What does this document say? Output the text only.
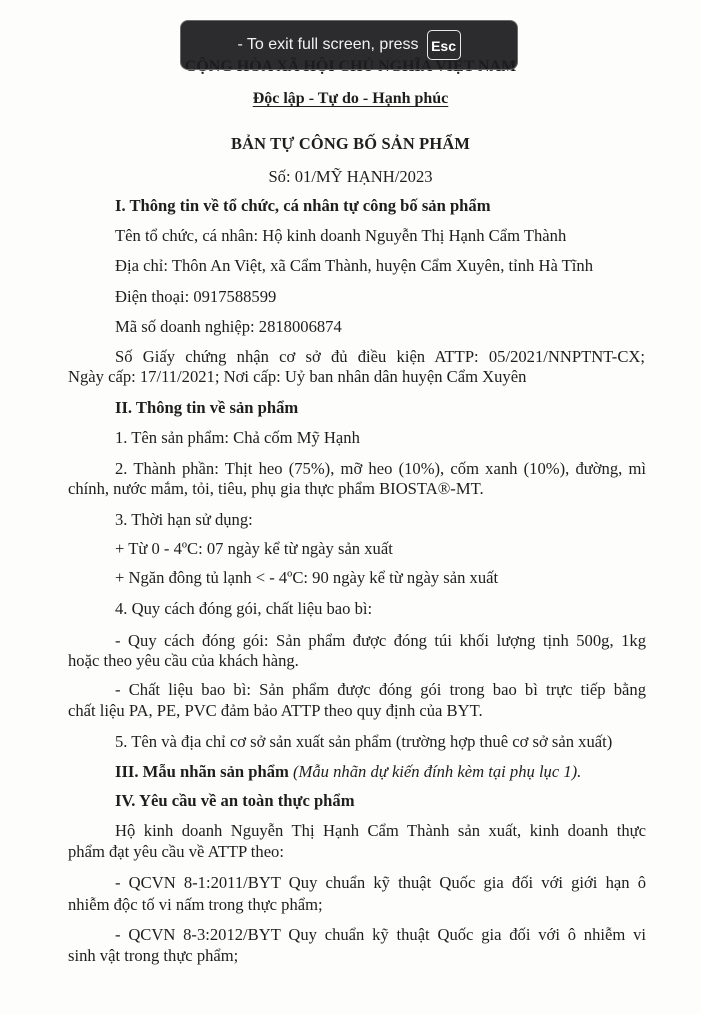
Độc lập - Tự do - Hạnh phúc
BẢN TỰ CÔNG BỐ SẢN PHẨM
Số: 01/MỸ HẠNH/2023
I. Thông tin về tổ chức, cá nhân tự công bố sản phẩm
Tên tổ chức, cá nhân: Hộ kinh doanh Nguyễn Thị Hạnh Cẩm Thành
Địa chỉ: Thôn An Việt, xã Cẩm Thành, huyện Cẩm Xuyên, tỉnh Hà Tĩnh
Điện thoại: 0917588599
Mã số doanh nghiệp: 2818006874
Số Giấy chứng nhận cơ sở đủ điều kiện ATTP: 05/2021/NNPTNT-CX;
Ngày cấp: 17/11/2021; Nơi cấp: Uỷ ban nhân dân huyện Cẩm Xuyên
II. Thông tin về sản phẩm
1. Tên sản phẩm: Chả cốm Mỹ Hạnh
2. Thành phần: Thịt heo (75%), mỡ heo (10%), cốm xanh (10%), đường, mì
chính, nước mắm, tỏi, tiêu, phụ gia thực phẩm BIOSTA®-MT.
3. Thời hạn sử dụng:
+ Từ 0 - 4ºC: 07 ngày kể từ ngày sản xuất
+ Ngăn đông tủ lạnh < - 4ºC: 90 ngày kể từ ngày sản xuất
4. Quy cách đóng gói, chất liệu bao bì:
- Quy cách đóng gói: Sản phẩm được đóng túi khối lượng tịnh 500g, 1kg
hoặc theo yêu cầu của khách hàng.
- Chất liệu bao bì: Sản phẩm được đóng gói trong bao bì trực tiếp bằng
chất liệu PA, PE, PVC đảm bảo ATTP theo quy định của BYT.
5. Tên và địa chỉ cơ sở sản xuất sản phẩm (trường hợp thuê cơ sở sản xuất)
III. Mẫu nhãn sản phẩm (Mẫu nhãn dự kiến đính kèm tại phụ lục 1).
IV. Yêu cầu về an toàn thực phẩm
Hộ kinh doanh Nguyễn Thị Hạnh Cẩm Thành sản xuất, kinh doanh thực
phẩm đạt yêu cầu về ATTP theo:
- QCVN 8-1:2011/BYT Quy chuẩn kỹ thuật Quốc gia đối với giới hạn ô
nhiễm độc tố vi nấm trong thực phẩm;
- QCVN 8-3:2012/BYT Quy chuẩn kỹ thuật Quốc gia đối với ô nhiễm vi
sinh vật trong thực phẩm;
- To exit full screen, press Esc
